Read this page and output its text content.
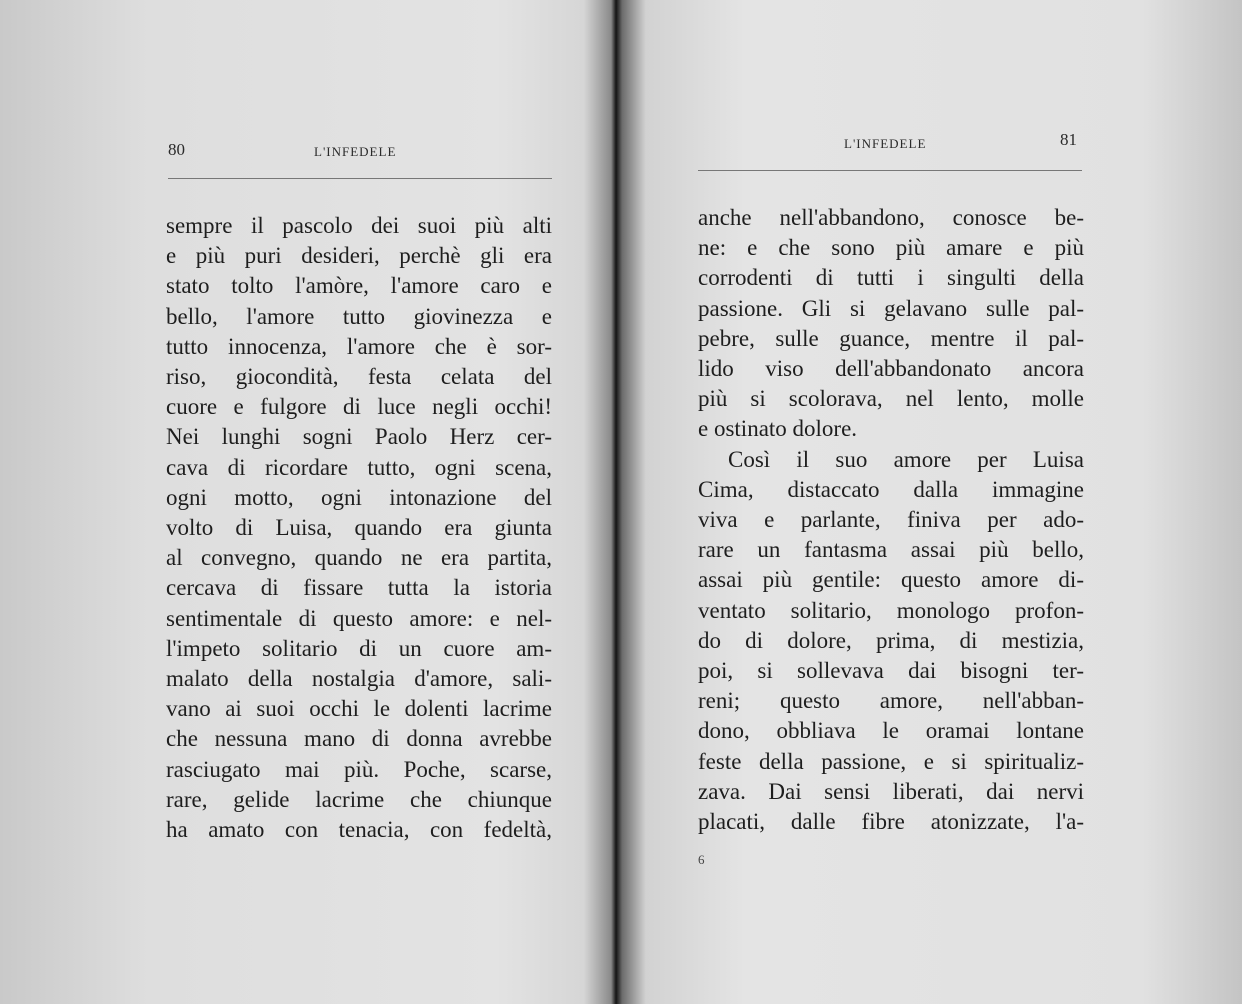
80	L'INFEDELE
sempre il pascolo dei suoi più alti
e più puri desideri, perchè gli era
stato tolto l'amòre, l'amore caro e
bello, l'amore tutto giovinezza e
tutto innocenza, l'amore che è sor-
riso, giocondità, festa celata del
cuore e fulgore di luce negli occhi!
Nei lunghi sogni Paolo Herz cer-
cava di ricordare tutto, ogni scena,
ogni motto, ogni intonazione del
volto di Luisa, quando era giunta
al convegno, quando ne era partita,
cercava di fissare tutta la istoria
sentimentale di questo amore: e nel-
l'impeto solitario di un cuore am-
malato della nostalgia d'amore, sali-
vano ai suoi occhi le dolenti lacrime
che nessuna mano di donna avrebbe
rasciugato mai più. Poche, scarse,
rare, gelide lacrime che chiunque
ha amato con tenacia, con fedeltà,
L'INFEDELE	81
anche nell'abbandono, conosce be-
ne: e che sono più amare e più
corrodenti di tutti i singulti della
passione. Gli si gelavano sulle pal-
pebre, sulle guance, mentre il pal-
lido viso dell'abbandonato ancora
più si scolorava, nel lento, molle
e ostinato dolore.
Così il suo amore per Luisa
Cima, distaccato dalla immagine
viva e parlante, finiva per ado-
rare un fantasma assai più bello,
assai più gentile: questo amore di-
ventato solitario, monologo profon-
do di dolore, prima, di mestizia,
poi, si sollevava dai bisogni ter-
reni; questo amore, nell'abban-
dono, obbliava le oramai lontane
feste della passione, e si spiritualiz-
zava. Dai sensi liberati, dai nervi
placati, dalle fibre atonizzate, l'a-
6
